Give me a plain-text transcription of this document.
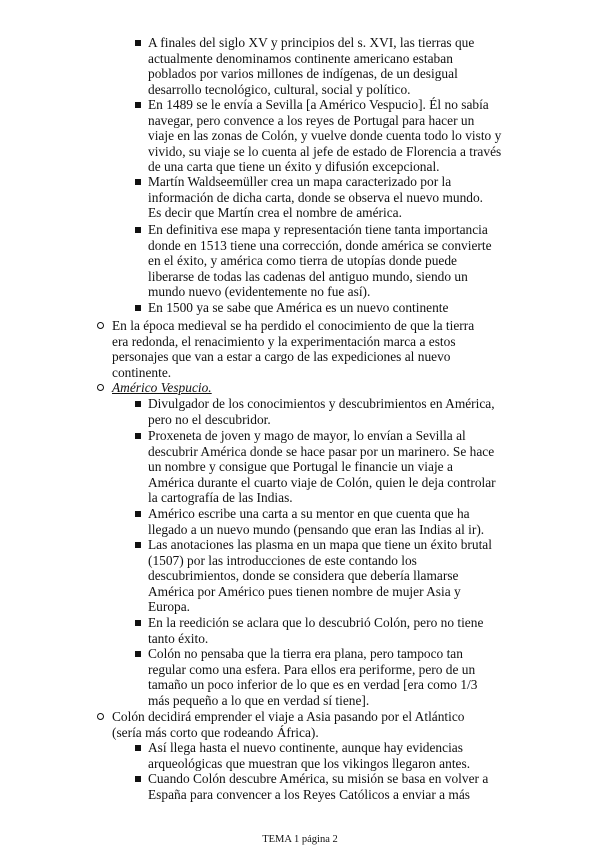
A finales del siglo XV y principios del s. XVI, las tierras que
actualmente denominamos continente americano estaban
poblados por varios millones de indígenas, de un desigual
desarrollo tecnológico, cultural, social y político.
En 1489 se le envía a Sevilla [a Américo Vespucio]. Él no sabía
navegar, pero convence a los reyes de Portugal para hacer un
viaje en las zonas de Colón, y vuelve donde cuenta todo lo visto y
vivido, su viaje se lo cuenta al jefe de estado de Florencia a través
de una carta que tiene un éxito y difusión excepcional.
Martín Waldseemüller crea un mapa caracterizado por la
información de dicha carta, donde se observa el nuevo mundo.
Es decir que Martín crea el nombre de américa.
En definitiva ese mapa y representación tiene tanta importancia
donde en 1513 tiene una corrección, donde américa se convierte
en el éxito, y américa como tierra de utopías donde puede
liberarse de todas las cadenas del antiguo mundo, siendo un
mundo nuevo (evidentemente no fue así).
En 1500 ya se sabe que América es un nuevo continente
En la época medieval se ha perdido el conocimiento de que la tierra
era redonda, el renacimiento y la experimentación marca a estos
personajes que van a estar a cargo de las expediciones al nuevo
continente.
Américo Vespucio.
Divulgador de los conocimientos y descubrimientos en América,
pero no el descubridor.
Proxeneta de joven y mago de mayor, lo envían a Sevilla al
descubrir América donde se hace pasar por un marinero. Se hace
un nombre y consigue que Portugal le financie un viaje a
América durante el cuarto viaje de Colón, quien le deja controlar
la cartografía de las Indias.
Américo escribe una carta a su mentor en que cuenta que ha
llegado a un nuevo mundo (pensando que eran las Indias al ir).
Las anotaciones las plasma en un mapa que tiene un éxito brutal
(1507) por las introducciones de este contando los
descubrimientos, donde se considera que debería llamarse
América por Américo pues tienen nombre de mujer Asia y
Europa.
En la reedición se aclara que lo descubrió Colón, pero no tiene
tanto éxito.
Colón no pensaba que la tierra era plana, pero tampoco tan
regular como una esfera. Para ellos era periforme, pero de un
tamaño un poco inferior de lo que es en verdad [era como 1/3
más pequeño a lo que en verdad sí tiene].
Colón decidirá emprender el viaje a Asia pasando por el Atlántico
(sería más corto que rodeando África).
Así llega hasta el nuevo continente, aunque hay evidencias
arqueológicas que muestran que los vikingos llegaron antes.
Cuando Colón descubre América, su misión se basa en volver a
España para convencer a los Reyes Católicos a enviar a más
TEMA 1 página 2
